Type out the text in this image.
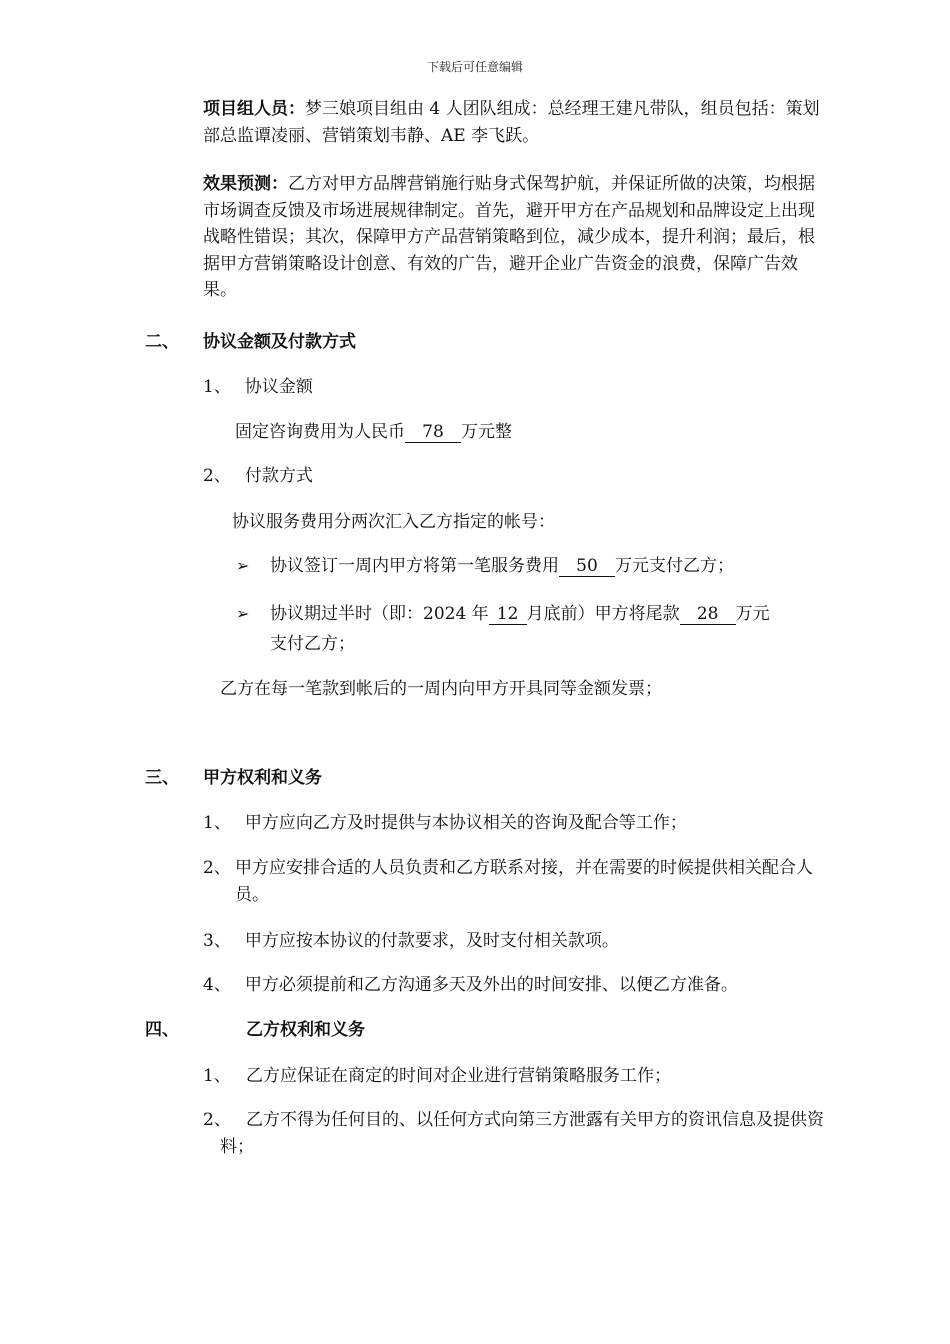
下载后可任意编辑
项目组人员：梦三娘项目组由 4 人团队组成：总经理王建凡带队，组员包括：策划部总监谭凌丽、营销策划韦静、AE 李飞跃。
效果预测：乙方对甲方品牌营销施行贴身式保驾护航，并保证所做的决策，均根据市场调查反馈及市场进展规律制定。首先，避开甲方在产品规划和品牌设定上出现战略性错误；其次，保障甲方产品营销策略到位，减少成本，提升利润；最后，根据甲方营销策略设计创意、有效的广告，避开企业广告资金的浪费，保障广告效果。
二、 协议金额及付款方式
1、 协议金额
固定咨询费用为人民币 78 万元整
2、 付款方式
协议服务费用分两次汇入乙方指定的帐号：
➢ 协议签订一周内甲方将第一笔服务费用 50 万元支付乙方；
➢ 协议期过半时（即：2024 年 12 月底前）甲方将尾款 28 万元
支付乙方；
乙方在每一笔款到帐后的一周内向甲方开具同等金额发票；
三、 甲方权利和义务
1、 甲方应向乙方及时提供与本协议相关的咨询及配合等工作；
2、 甲方应安排合适的人员负责和乙方联系对接，并在需要的时候提供相关配合人员。
3、 甲方应按本协议的付款要求，及时支付相关款项。
4、 甲方必须提前和乙方沟通多天及外出的时间安排、以便乙方准备。
四、	乙方权利和义务
1、 乙方应保证在商定的时间对企业进行营销策略服务工作；
2、 乙方不得为任何目的、以任何方式向第三方泄露有关甲方的资讯信息及提供资料；
